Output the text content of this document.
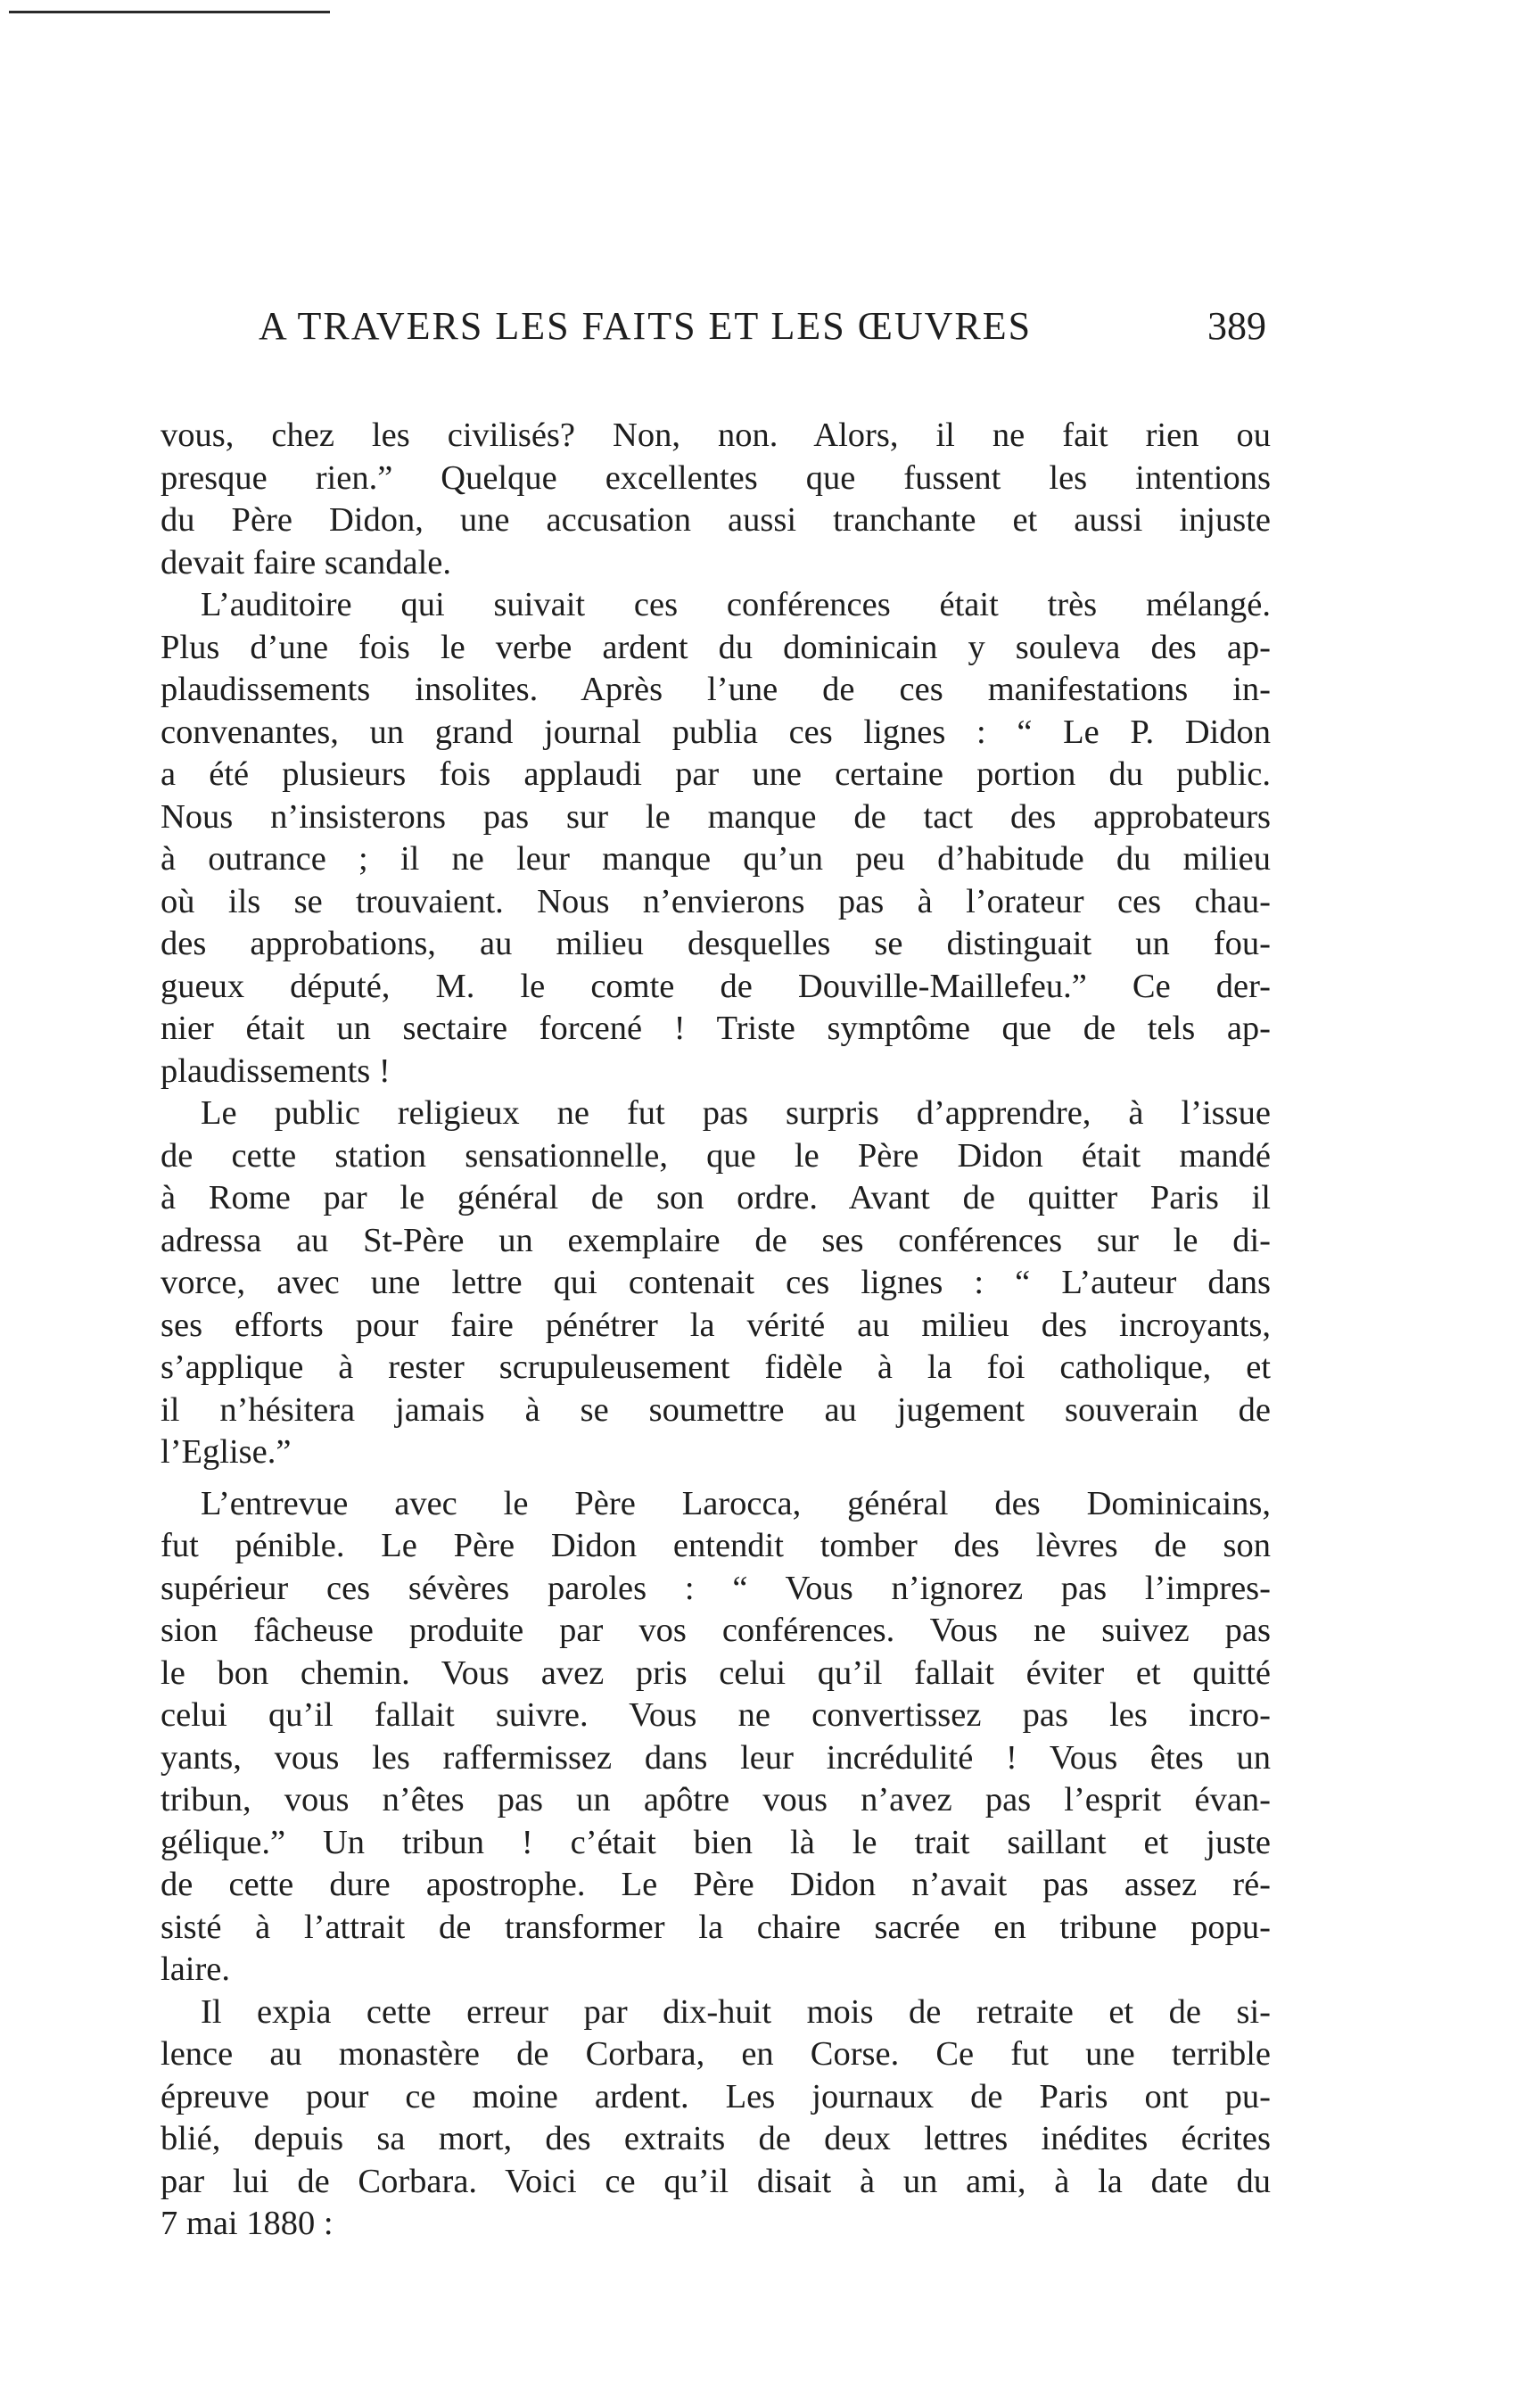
A TRAVERS LES FAITS ET LES ŒUVRES	389
vous, chez les civilisés? Non, non. Alors, il ne fait rien ou
presque rien.” Quelque excellentes que fussent les intentions
du Père Didon, une accusation aussi tranchante et aussi injuste
devait faire scandale.
L’auditoire qui suivait ces conférences était très mélangé.
Plus d’une fois le verbe ardent du dominicain y souleva des ap-
plaudissements insolites. Après l’une de ces manifestations in-
convenantes, un grand journal publia ces lignes : “ Le P. Didon
a été plusieurs fois applaudi par une certaine portion du public.
Nous n’insisterons pas sur le manque de tact des approbateurs
à outrance ; il ne leur manque qu’un peu d’habitude du milieu
où ils se trouvaient. Nous n’envierons pas à l’orateur ces chau-
des approbations, au milieu desquelles se distinguait un fou-
gueux député, M. le comte de Douville-Maillefeu.” Ce der-
nier était un sectaire forcené ! Triste symptôme que de tels ap-
plaudissements !
Le public religieux ne fut pas surpris d’apprendre, à l’issue
de cette station sensationnelle, que le Père Didon était mandé
à Rome par le général de son ordre. Avant de quitter Paris il
adressa au St-Père un exemplaire de ses conférences sur le di-
vorce, avec une lettre qui contenait ces lignes : “ L’auteur dans
ses efforts pour faire pénétrer la vérité au milieu des incroyants,
s’applique à rester scrupuleusement fidèle à la foi catholique, et
il n’hésitera jamais à se soumettre au jugement souverain de
l’Eglise.”
L’entrevue avec le Père Larocca, général des Dominicains,
fut pénible. Le Père Didon entendit tomber des lèvres de son
supérieur ces sévères paroles : “ Vous n’ignorez pas l’impres-
sion fâcheuse produite par vos conférences. Vous ne suivez pas
le bon chemin. Vous avez pris celui qu’il fallait éviter et quitté
celui qu’il fallait suivre. Vous ne convertissez pas les incro-
yants, vous les raffermissez dans leur incrédulité ! Vous êtes un
tribun, vous n’êtes pas un apôtre vous n’avez pas l’esprit évan-
gélique.” Un tribun ! c’était bien là le trait saillant et juste
de cette dure apostrophe. Le Père Didon n’avait pas assez ré-
sisté à l’attrait de transformer la chaire sacrée en tribune popu-
laire.
Il expia cette erreur par dix-huit mois de retraite et de si-
lence au monastère de Corbara, en Corse. Ce fut une terrible
épreuve pour ce moine ardent. Les journaux de Paris ont pu-
blié, depuis sa mort, des extraits de deux lettres inédites écrites
par lui de Corbara. Voici ce qu’il disait à un ami, à la date du
7 mai 1880 :
